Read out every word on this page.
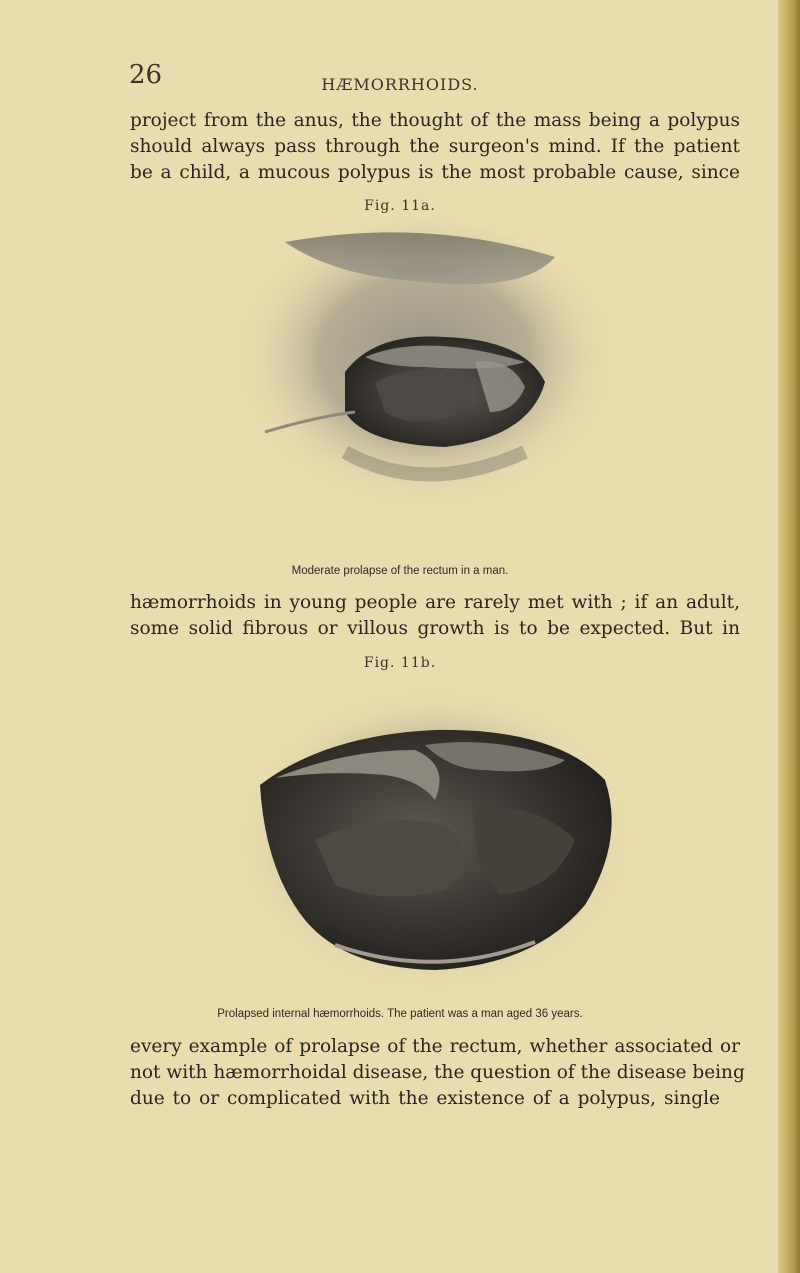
26	HÆMORRHOIDS.
project from the anus, the thought of the mass being a polypus
should always pass through the surgeon's mind. If the patient
be a child, a mucous polypus is the most probable cause, since
Fig. 11a.
Moderate prolapse of the rectum in a man.
hæmorrhoids in young people are rarely met with ; if an adult,
some solid fibrous or villous growth is to be expected. But in
Fig. 11b.
Prolapsed internal hæmorrhoids. The patient was a man aged 36 years.
every example of prolapse of the rectum, whether associated or
not with hæmorrhoidal disease, the question of the disease being
due to or complicated with the existence of a polypus, single
